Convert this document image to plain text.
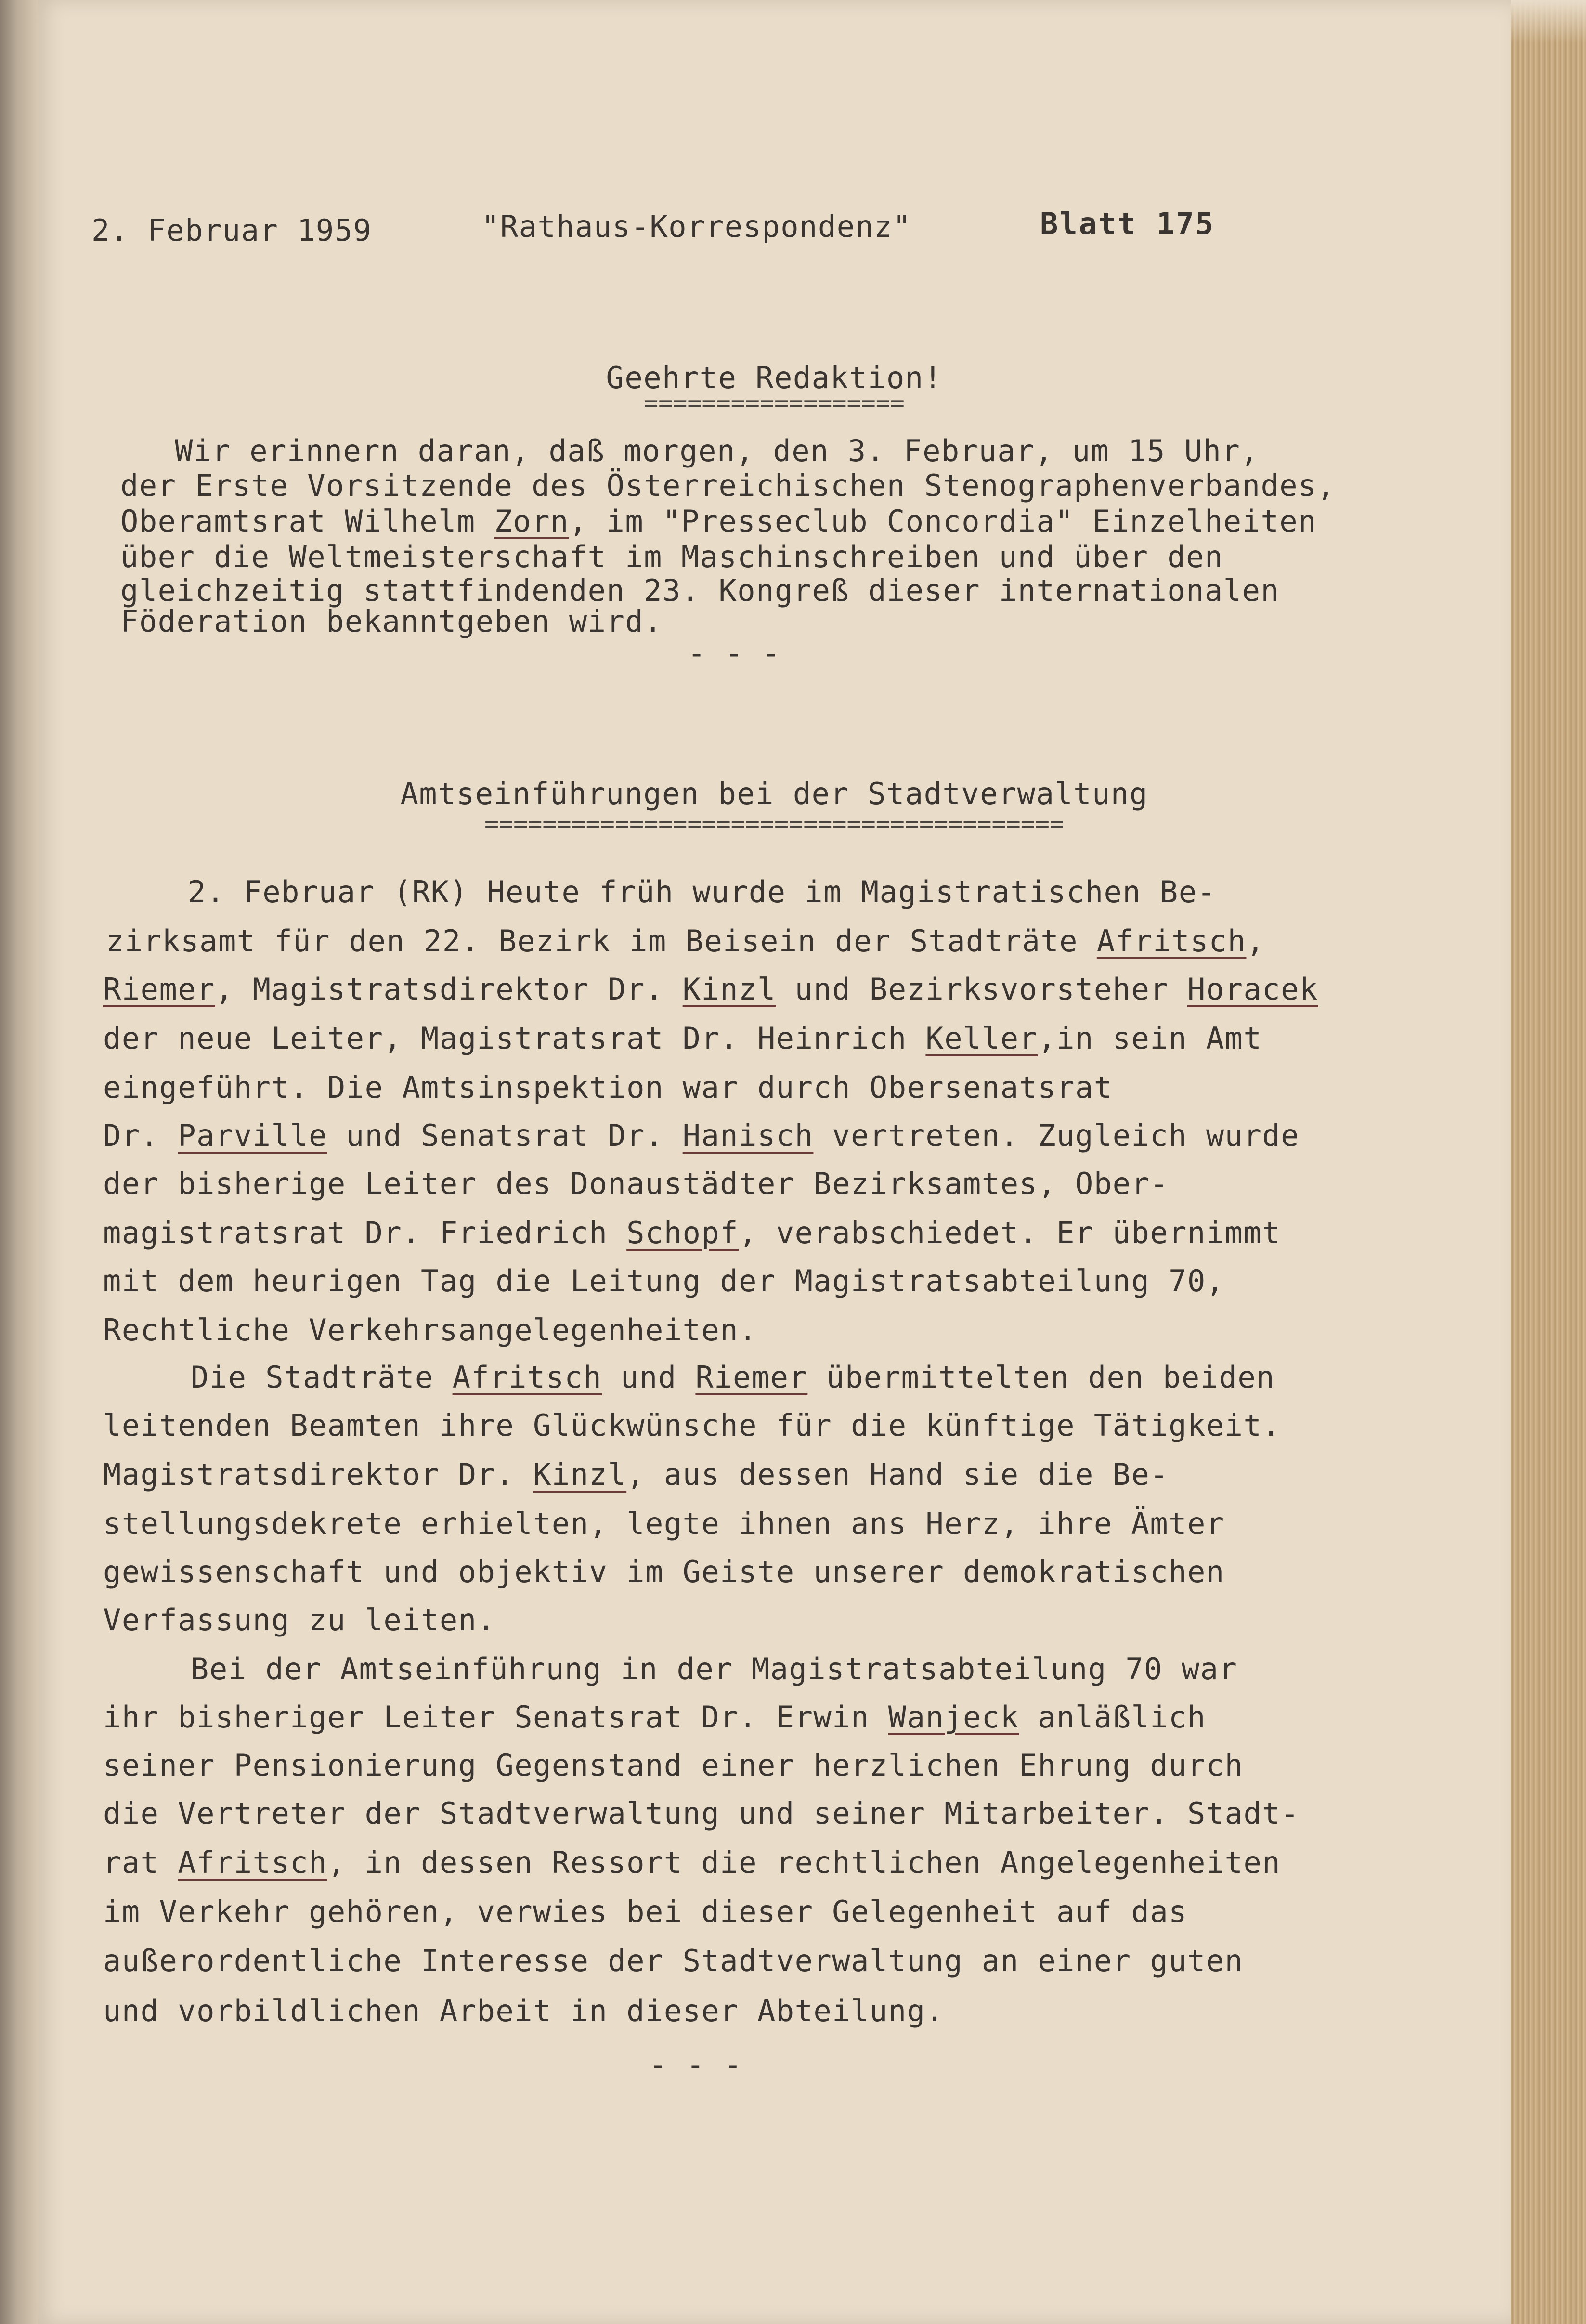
2. Februar 1959	"Rathaus-Korrespondenz"	Blatt 175
Geehrte Redaktion!
==================
Wir erinnern daran, daß morgen, den 3. Februar, um 15 Uhr,
der Erste Vorsitzende des Österreichischen Stenographenverbandes,
Oberamtsrat Wilhelm Zorn, im "Presseclub Concordia" Einzelheiten
über die Weltmeisterschaft im Maschinschreiben und über den
gleichzeitig stattfindenden 23. Kongreß dieser internationalen
Föderation bekanntgeben wird.
- - -
Amtseinführungen bei der Stadtverwaltung
========================================
2. Februar (RK) Heute früh wurde im Magistratischen Be-
zirksamt für den 22. Bezirk im Beisein der Stadträte Afritsch,
Riemer, Magistratsdirektor Dr. Kinzl und Bezirksvorsteher Horacek
der neue Leiter, Magistratsrat Dr. Heinrich Keller,in sein Amt
eingeführt. Die Amtsinspektion war durch Obersenatsrat
Dr. Parville und Senatsrat Dr. Hanisch vertreten. Zugleich wurde
der bisherige Leiter des Donaustädter Bezirksamtes, Ober-
magistratsrat Dr. Friedrich Schopf, verabschiedet. Er übernimmt
mit dem heurigen Tag die Leitung der Magistratsabteilung 70,
Rechtliche Verkehrsangelegenheiten.
Die Stadträte Afritsch und Riemer übermittelten den beiden
leitenden Beamten ihre Glückwünsche für die künftige Tätigkeit.
Magistratsdirektor Dr. Kinzl, aus dessen Hand sie die Be-
stellungsdekrete erhielten, legte ihnen ans Herz, ihre Ämter
gewissenschaft und objektiv im Geiste unserer demokratischen
Verfassung zu leiten.
Bei der Amtseinführung in der Magistratsabteilung 70 war
ihr bisheriger Leiter Senatsrat Dr. Erwin Wanjeck anläßlich
seiner Pensionierung Gegenstand einer herzlichen Ehrung durch
die Vertreter der Stadtverwaltung und seiner Mitarbeiter. Stadt-
rat Afritsch, in dessen Ressort die rechtlichen Angelegenheiten
im Verkehr gehören, verwies bei dieser Gelegenheit auf das
außerordentliche Interesse der Stadtverwaltung an einer guten
und vorbildlichen Arbeit in dieser Abteilung.
- - -
